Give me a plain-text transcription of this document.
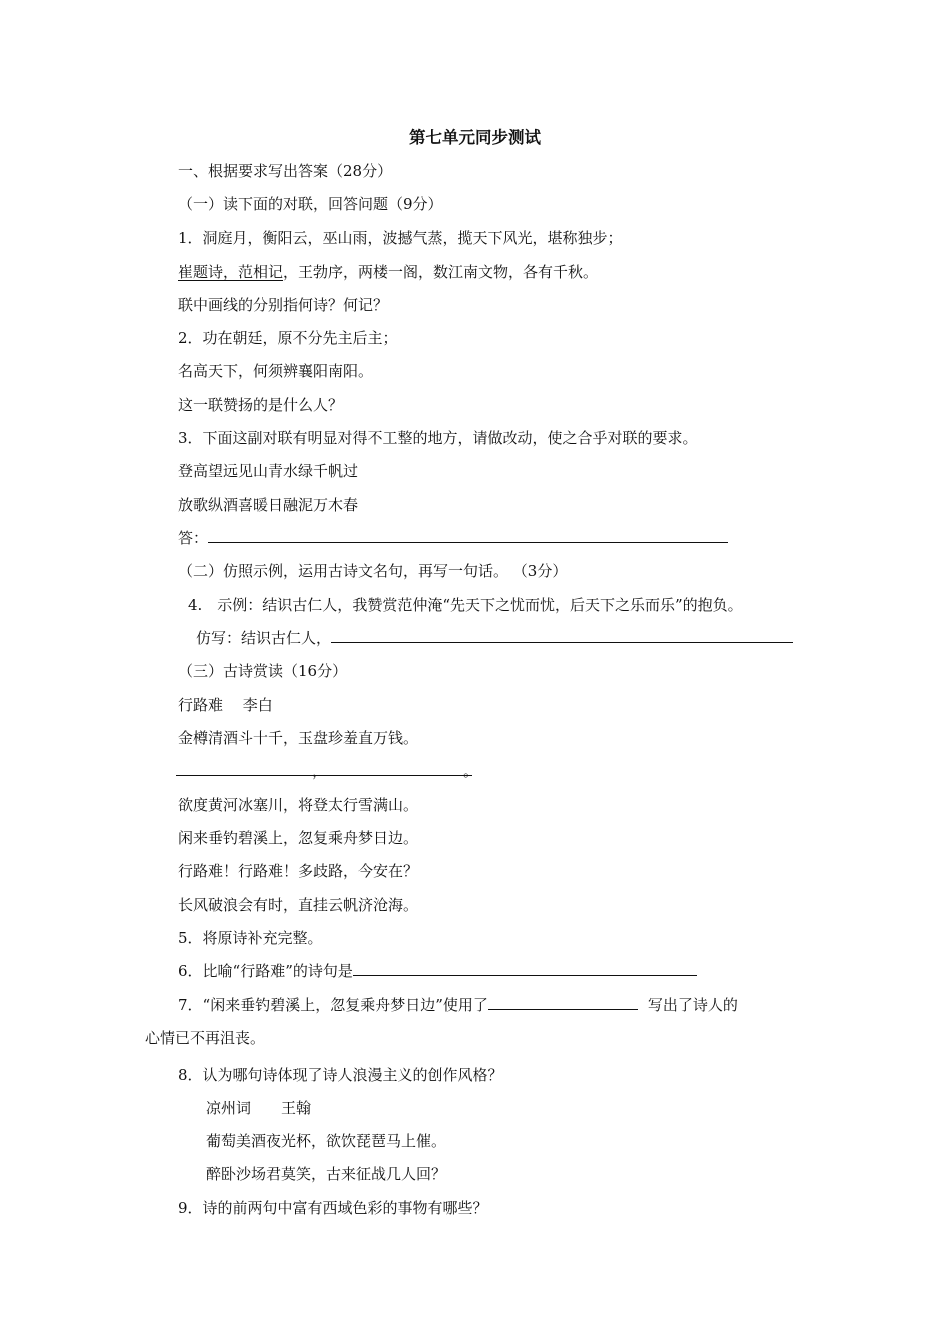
第七单元同步测试
一、根据要求写出答案（28分）
（一）读下面的对联，回答问题（9分）
1．洞庭月，衡阳云，巫山雨，波撼气蒸，揽天下风光，堪称独步；
崔题诗，范相记，王勃序，两楼一阁，数江南文物，各有千秋。
联中画线的分别指何诗？何记？
2．功在朝廷，原不分先主后主；
名高天下，何须辨襄阳南阳。
这一联赞扬的是什么人？
3．下面这副对联有明显对得不工整的地方，请做改动，使之合乎对联的要求。
登高望远见山青水绿千帆过
放歌纵酒喜暖日融泥万木春
答：
（二）仿照示例，运用古诗文名句，再写一句话。 （3分）
4.　示例：结识古仁人，我赞赏范仲淹“先天下之忧而忧，后天下之乐而乐”的抱负。
仿写：结识古仁人，
（三）古诗赏读（16分）
行路难　 李白
金樽清酒斗十千，玉盘珍羞直万钱。
，	。
欲度黄河冰塞川，将登太行雪满山。
闲来垂钓碧溪上，忽复乘舟梦日边。
行路难！行路难！多歧路，今安在？
长风破浪会有时，直挂云帆济沧海。
5．将原诗补充完整。
6．比喻“行路难”的诗句是
7．“闲来垂钓碧溪上，忽复乘舟梦日边”使用了	写出了诗人的
心情已不再沮丧。
8．认为哪句诗体现了诗人浪漫主义的创作风格？
凉州词　　王翰
葡萄美酒夜光杯，欲饮琵琶马上催。
醉卧沙场君莫笑，古来征战几人回？
9．诗的前两句中富有西域色彩的事物有哪些？
